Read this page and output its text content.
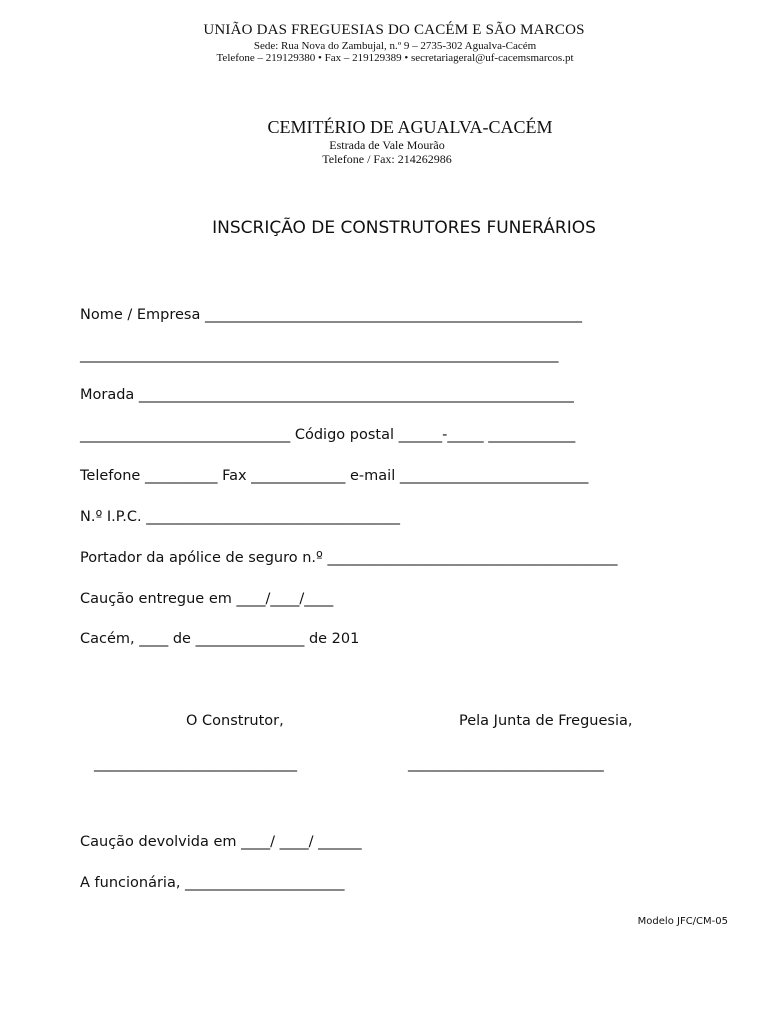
UNIÃO DAS FREGUESIAS DO CACÉM E SÃO MARCOS
Sede: Rua Nova do Zambujal, n.º 9 – 2735-302 Agualva-Cacém
Telefone – 219129380 • Fax – 219129389 • secretariageral@uf-cacemsmarcos.pt
CEMITÉRIO DE AGUALVA-CACÉM
Estrada de Vale Mourão
Telefone / Fax: 214262986
INSCRIÇÃO DE CONSTRUTORES FUNERÁRIOS
Nome / Empresa ____________________________________________________
__________________________________________________________________
Morada ____________________________________________________________
_____________________________ Código postal ______-_____ ____________
Telefone __________ Fax _____________ e-mail __________________________
N.º I.P.C. ___________________________________
Portador da apólice de seguro n.º ________________________________________
Caução entregue em ____/____/____
Cacém, ____ de _______________ de 201
O Construtor,	Pela Junta de Freguesia,
____________________________	___________________________
Caução devolvida em ____/ ____/ ______
A funcionária, ______________________
Modelo JFC/CM-05
